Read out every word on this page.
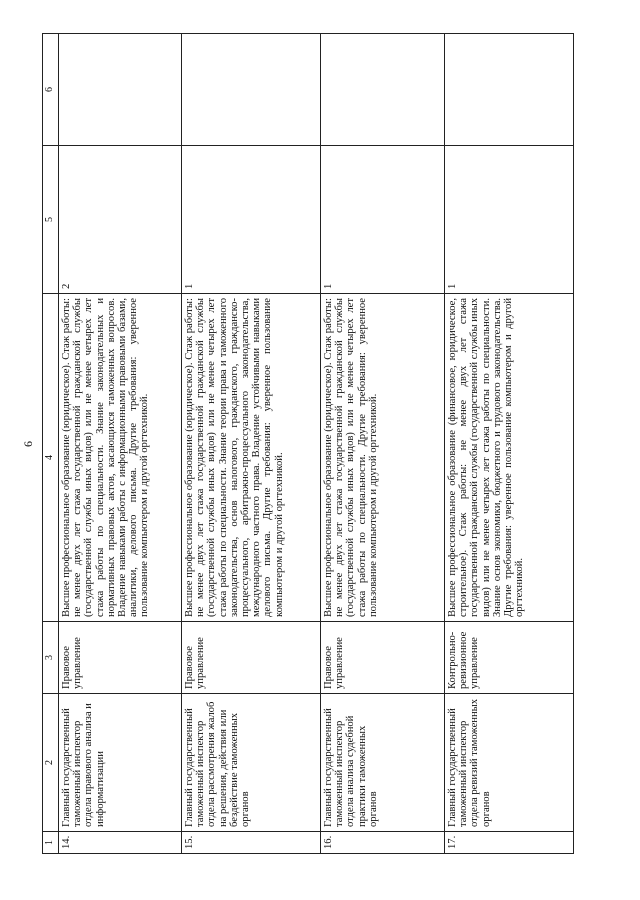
6
1	2	3	4	5	6
14.	Главный государственный таможенный инспектор отдела правового анализа и информатизации	Правовое управление	Высшее профессиональное образование (юридическое). Стаж работы: не менее двух лет стажа государственной гражданской службы (государственной службы иных видов) или не менее четырех лет стажа работы по специальности. Знание законодательных и нормативных правовых актов, касающихся таможенных вопросов. Владение навыками работы с информационными правовыми базами, аналитики, делового письма. Другие требования: уверенное пользование компьютером и другой оргтехникой.	2	
15.	Главный государственный таможенный инспектор отдела рассмотрения жалоб на решения, действия или бездействие таможенных органов	Правовое управление	Высшее профессиональное образование (юридическое). Стаж работы: не менее двух лет стажа государственной гражданской службы (государственной службы иных видов) или не менее четырех лет стажа работы по специальности. Знание теории права и таможенного законодательства, основ налогового, гражданского, гражданско-процессуального, арбитражно-процессуального законодательства, международного частного права. Владение устойчивыми навыками делового письма. Другие требования: уверенное пользование компьютером и другой оргтехникой.	1	
16.	Главный государственный таможенный инспектор отдела анализа судебной практики таможенных органов	Правовое управление	Высшее профессиональное образование (юридическое). Стаж работы: не менее двух лет стажа государственной гражданской службы (государственной службы иных видов) или не менее четырех лет стажа работы по специальности. Другие требования: уверенное пользование компьютером и другой оргтехникой.	1	
17.	Главный государственный таможенный инспектор отдела ревизий таможенных органов	Контрольно-ревизионное управление	Высшее профессиональное образование (финансовое, юридическое, строительное). Стаж работы: не менее двух лет стажа государственной гражданской службы (государственной службы иных видов) или не менее четырех лет стажа работы по специальности. Знание основ экономики, бюджетного и трудового законодательства. Другие требования: уверенное пользование компьютером и другой оргтехникой.	1	
